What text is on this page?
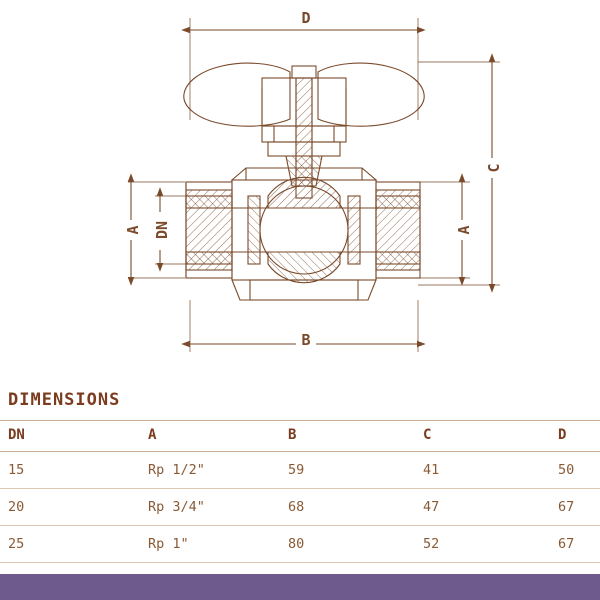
D
C
A DN	A
B
DIMENSIONS
DN	A	B	C	D
15	Rp 1/2"	59	41	50
20	Rp 3/4"	68	47	67
25	Rp 1"	80	52	67
